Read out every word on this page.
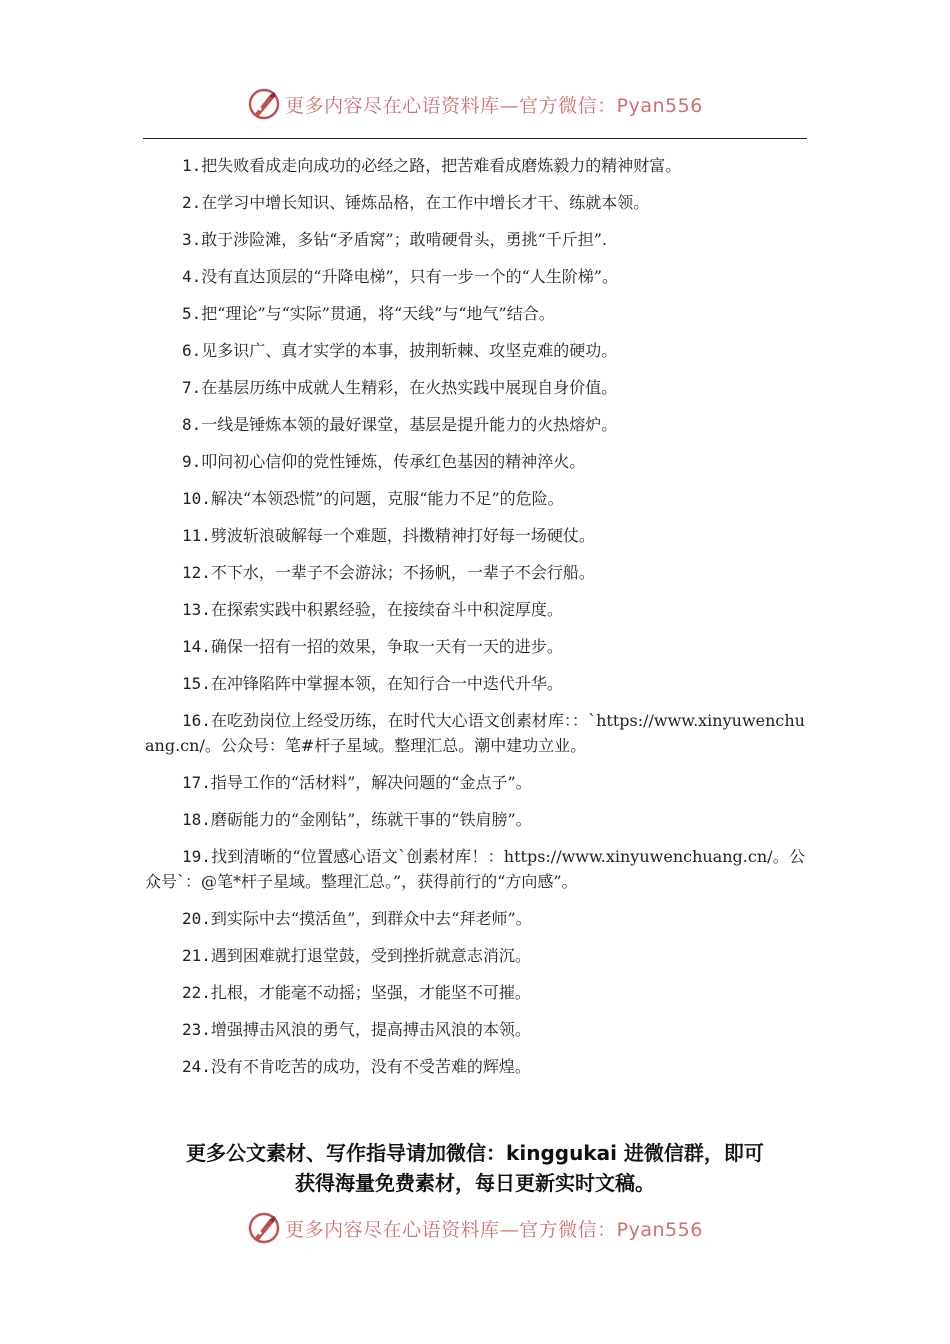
更多内容尽在心语资料库—官方微信：Pyan556

1.把失败看成走向成功的必经之路，把苦难看成磨炼毅力的精神财富。

2.在学习中增长知识、锤炼品格，在工作中增长才干、练就本领。

3.敢于涉险滩，多钻“矛盾窝”；敢啃硬骨头，勇挑“千斤担”.

4.没有直达顶层的“升降电梯”，只有一步一个的“人生阶梯”。

5.把“理论”与“实际”贯通，将“天线”与“地气”结合。

6.见多识广、真才实学的本事，披荆斩棘、攻坚克难的硬功。

7.在基层历练中成就人生精彩，在火热实践中展现自身价值。

8.一线是锤炼本领的最好课堂，基层是提升能力的火热熔炉。

9.叩问初心信仰的党性锤炼，传承红色基因的精神淬火。

10.解决“本领恐慌”的问题，克服“能力不足”的危险。

11.劈波斩浪破解每一个难题，抖擞精神打好每一场硬仗。

12.不下水，一辈子不会游泳；不扬帆，一辈子不会行船。

13.在探索实践中积累经验，在接续奋斗中积淀厚度。

14.确保一招有一招的效果，争取一天有一天的进步。

15.在冲锋陷阵中掌握本领，在知行合一中迭代升华。

16.在吃劲岗位上经受历练，在时代大心语文创素材库：：`https://www.xinyuwenchuang.cn/。公众号：笔#杆子星域。整理汇总。潮中建功立业。

17.指导工作的“活材料”，解决问题的“金点子”。

18.磨砺能力的“金刚钻”，练就干事的“铁肩膀”。

19.找到清晰的“位置感心语文`创素材库！：https://www.xinyuwenchuang.cn/。公众号`：@笔*杆子星域。整理汇总。”，获得前行的“方向感”。

20.到实际中去“摸活鱼”，到群众中去“拜老师”。

21.遇到困难就打退堂鼓，受到挫折就意志消沉。

22.扎根，才能毫不动摇；坚强，才能坚不可摧。

23.增强搏击风浪的勇气，提高搏击风浪的本领。

24.没有不肯吃苦的成功，没有不受苦难的辉煌。

更多公文素材、写作指导请加微信：kinggukai 进微信群，即可
获得海量免费素材，每日更新实时文稿。
更多内容尽在心语资料库—官方微信：Pyan556
